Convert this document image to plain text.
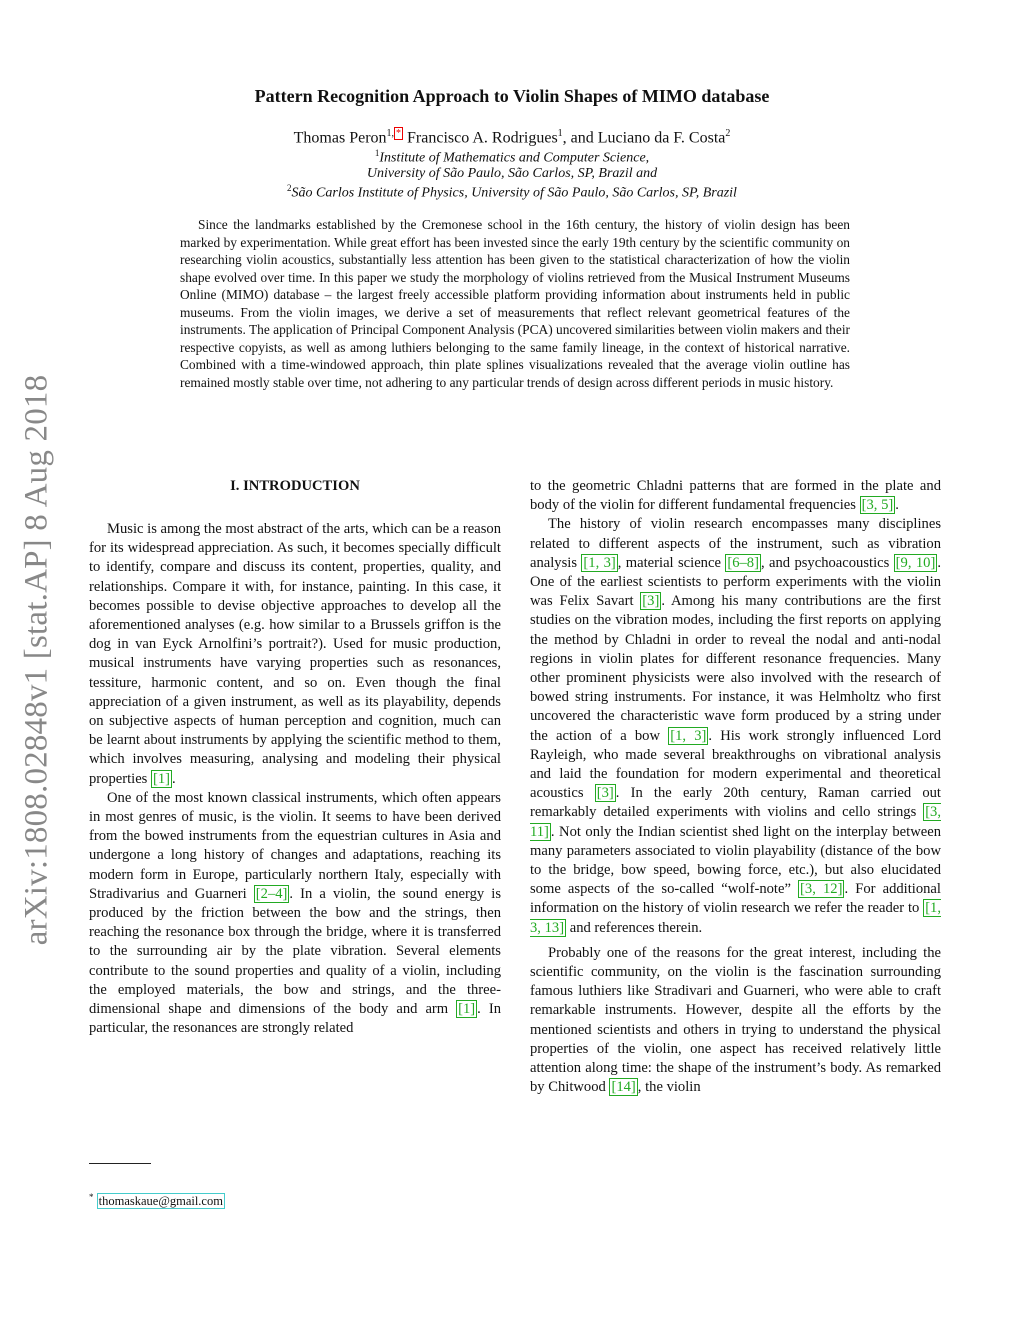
arXiv:1808.02848v1 [stat.AP] 8 Aug 2018
Pattern Recognition Approach to Violin Shapes of MIMO database
Thomas Peron$^{1,}$ * Francisco A. Rodrigues$^1$, and Luciano da F. Costa$^2$
$^1$Institute of Mathematics and Computer Science,
University of São Paulo, São Carlos, SP, Brazil and
$^2$São Carlos Institute of Physics, University of São Paulo, São Carlos, SP, Brazil
Since the landmarks established by the Cremonese school in the 16th century, the history of violin design has been marked by experimentation. While great effort has been invested since the early 19th century by the scientific community on researching violin acoustics, substantially less attention has been given to the statistical characterization of how the violin shape evolved over time. In this paper we study the morphology of violins retrieved from the Musical Instrument Museums Online (MIMO) database – the largest freely accessible platform providing information about instruments held in public museums. From the violin images, we derive a set of measurements that reflect relevant geometrical features of the instruments. The application of Principal Component Analysis (PCA) uncovered similarities between violin makers and their respective copyists, as well as among luthiers belonging to the same family lineage, in the context of historical narrative. Combined with a time-windowed approach, thin plate splines visualizations revealed that the average violin outline has remained mostly stable over time, not adhering to any particular trends of design across different periods in music history.
I. INTRODUCTION

Music is among the most abstract of the arts, which can be a reason for its widespread appreciation. As such, it becomes specially difficult to identify, compare and discuss its content, properties, quality, and relationships. Compare it with, for instance, painting. In this case, it becomes possible to devise objective approaches to develop all the aforementioned analyses (e.g. how similar to a Brussels griffon is the dog in van Eyck Arnolfini’s portrait?). Used for music production, musical instruments have varying properties such as resonances, tessiture, harmonic content, and so on. Even though the final appreciation of a given instrument, as well as its playability, depends on subjective aspects of human perception and cognition, much can be learnt about instruments by applying the scientific method to them, which involves measuring, analysing and modeling their physical properties [1] .

One of the most known classical instruments, which often appears in most genres of music, is the violin. It seems to have been derived from the bowed instruments from the equestrian cultures in Asia and undergone a long history of changes and adaptations, reaching its modern form in Europe, particularly northern Italy, especially with Stradivarius and Guarneri [2–4] . In a violin, the sound energy is produced by the friction between the bow and the strings, then reaching the resonance box through the bridge, where it is transferred to the surrounding air by the plate vibration. Several elements contribute to the sound properties and quality of a violin, including the employed materials, the bow and strings, and the three-dimensional shape and dimensions of the body and arm [1] . In particular, the resonances are strongly related

to the geometric Chladni patterns that are formed in the plate and body of the violin for different fundamental frequencies [3, 5] .

The history of violin research encompasses many disciplines related to different aspects of the instrument, such as vibration analysis [1, 3] , material science [6–8] , and psychoacoustics [9, 10] . One of the earliest scientists to perform experiments with the violin was Felix Savart [3] . Among his many contributions are the first studies on the vibration modes, including the first reports on applying the method by Chladni in order to reveal the nodal and anti-nodal regions in violin plates for different resonance frequencies. Many other prominent physicists were also involved with the research of bowed string instruments. For instance, it was Helmholtz who first uncovered the characteristic wave form produced by a string under the action of a bow [1, 3] . His work strongly influenced Lord Rayleigh, who made several breakthroughs on vibrational analysis and laid the foundation for modern experimental and theoretical acoustics [3] . In the early 20th century, Raman carried out remarkably detailed experiments with violins and cello strings [3, 11] . Not only the Indian scientist shed light on the interplay between many parameters associated to violin playability (distance of the bow to the bridge, bow speed, bowing force, etc.), but also elucidated some aspects of the so-called “wolf-note” [3, 12] . For additional information on the history of violin research we refer the reader to [1, 3, 13] and references therein.

Probably one of the reasons for the great interest, including the scientific community, on the violin is the fascination surrounding famous luthiers like Stradivari and Guarneri, who were able to craft remarkable instruments. However, despite all the efforts by the mentioned scientists and others in trying to understand the physical properties of the violin, one aspect has received relatively little attention along time: the shape of the instrument’s body. As remarked by Chitwood [14] , the violin

* thomaskaue@gmail.com
